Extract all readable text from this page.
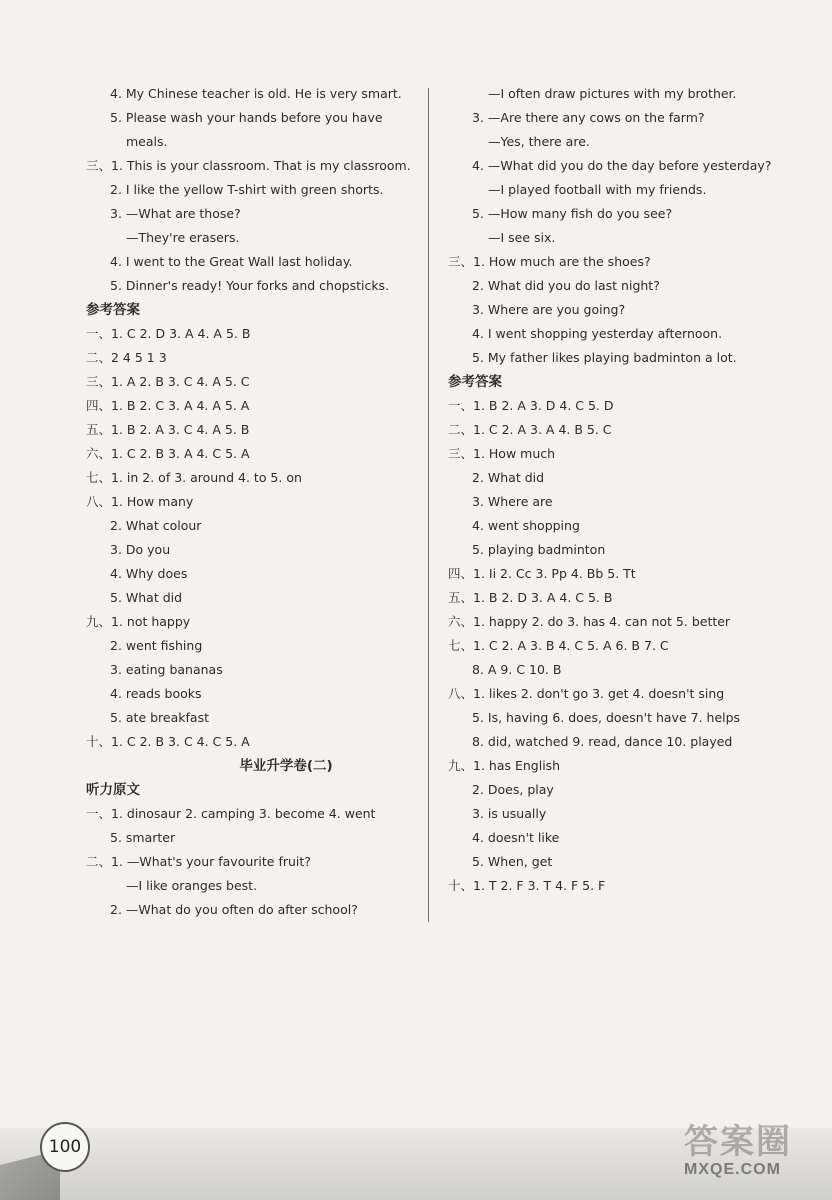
4. My Chinese teacher is old. He is very smart.
5. Please wash your hands before you have
meals.
三、1. This is your classroom. That is my classroom.
2. I like the yellow T-shirt with green shorts.
3. —What are those?
—They're erasers.
4. I went to the Great Wall last holiday.
5. Dinner's ready! Your forks and chopsticks.
参考答案
一、1. C 2. D 3. A 4. A 5. B
二、2 4 5 1 3
三、1. A 2. B 3. C 4. A 5. C
四、1. B 2. C 3. A 4. A 5. A
五、1. B 2. A 3. C 4. A 5. B
六、1. C 2. B 3. A 4. C 5. A
七、1. in 2. of 3. around 4. to 5. on
八、1. How many
2. What colour
3. Do you
4. Why does
5. What did
九、1. not happy
2. went fishing
3. eating bananas
4. reads books
5. ate breakfast
十、1. C 2. B 3. C 4. C 5. A
毕业升学卷(二)
听力原文
一、1. dinosaur 2. camping 3. become 4. went
5. smarter
二、1. —What's your favourite fruit?
—I like oranges best.
2. —What do you often do after school?
—I often draw pictures with my brother.
3. —Are there any cows on the farm?
—Yes, there are.
4. —What did you do the day before yesterday?
—I played football with my friends.
5. —How many fish do you see?
—I see six.
三、1. How much are the shoes?
2. What did you do last night?
3. Where are you going?
4. I went shopping yesterday afternoon.
5. My father likes playing badminton a lot.
参考答案
一、1. B 2. A 3. D 4. C 5. D
二、1. C 2. A 3. A 4. B 5. C
三、1. How much
2. What did
3. Where are
4. went shopping
5. playing badminton
四、1. Ii 2. Cc 3. Pp 4. Bb 5. Tt
五、1. B 2. D 3. A 4. C 5. B
六、1. happy 2. do 3. has 4. can not 5. better
七、1. C 2. A 3. B 4. C 5. A 6. B 7. C
8. A 9. C 10. B
八、1. likes 2. don't go 3. get 4. doesn't sing
5. Is, having 6. does, doesn't have 7. helps
8. did, watched 9. read, dance 10. played
九、1. has English
2. Does, play
3. is usually
4. doesn't like
5. When, get
十、1. T 2. F 3. T 4. F 5. F
100	答案圈
MXQE.COM
